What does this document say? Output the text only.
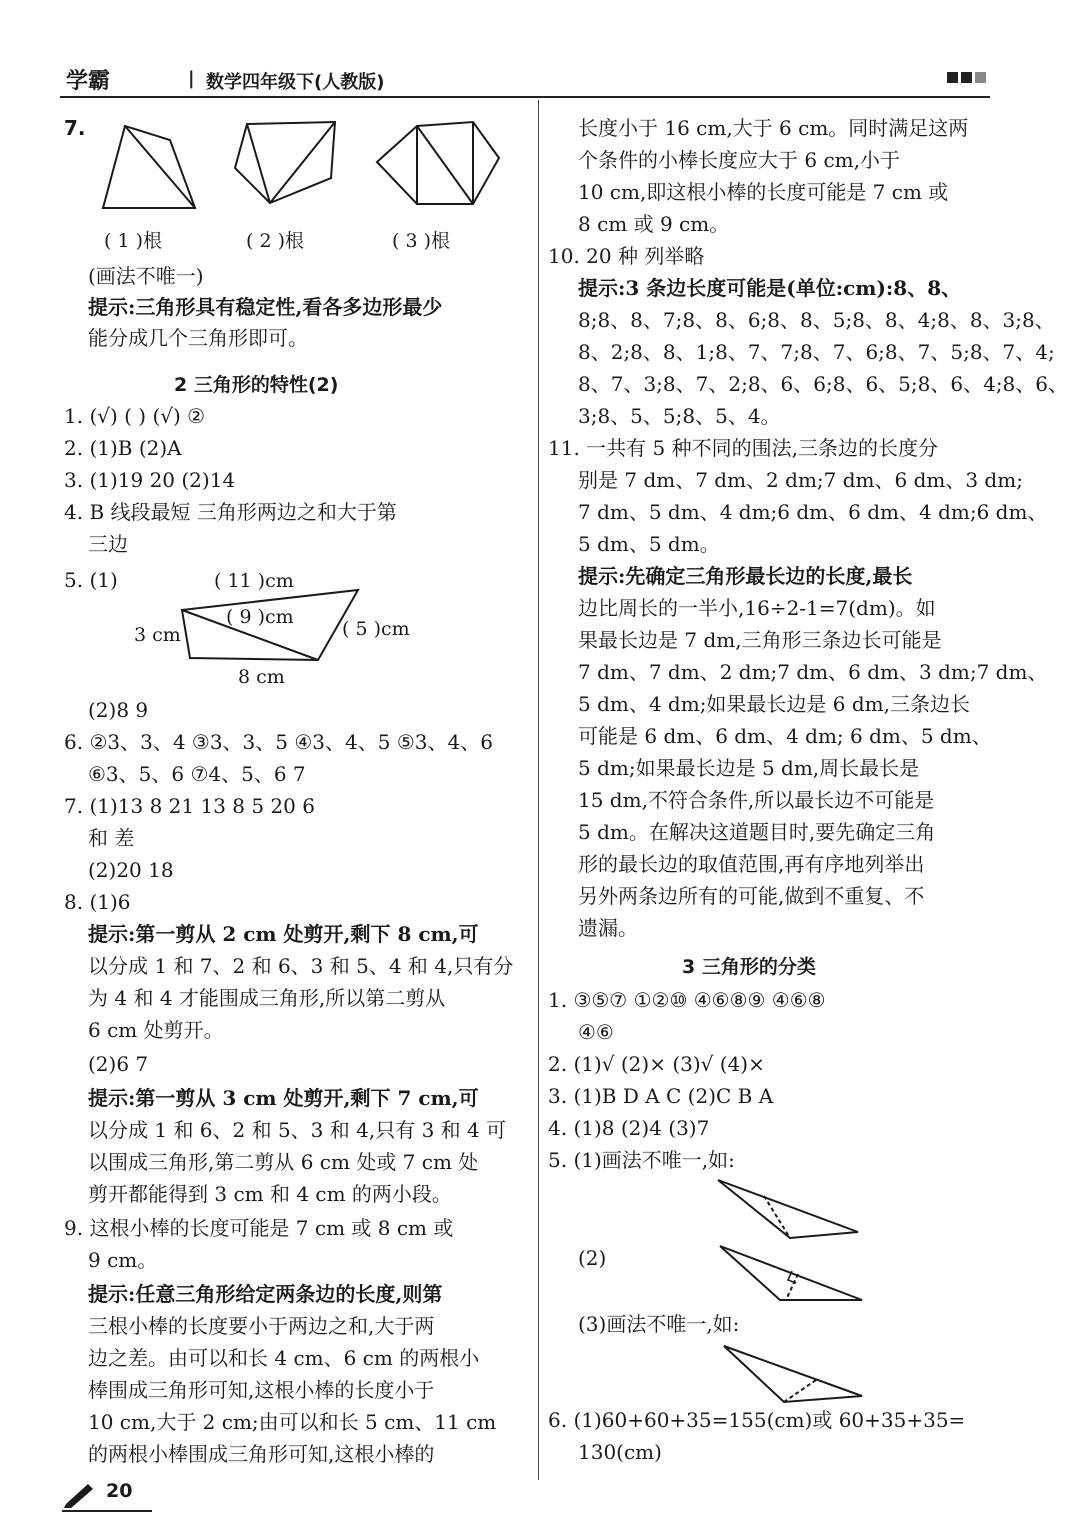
学霸	| 数学四年级下(人教版)
7.
( 1 )根	( 2 )根	( 3 )根
(画法不唯一)
提示:三角形具有稳定性,看各多边形最少
能分成几个三角形即可。
2 三角形的特性(2)
1. (√) ( ) (√) ②
2. (1)B (2)A
3. (1)19 20 (2)14
4. B 线段最短 三角形两边之和大于第
三边
5. (1)	( 11 )cm
( 9 )cm
( 5 )cm
3 cm
8 cm
(2)8 9
6. ②3、3、4 ③3、3、5 ④3、4、5 ⑤3、4、6
⑥3、5、6 ⑦4、5、6 7
7. (1)13 8 21 13 8 5 20 6
和 差
(2)20 18
8. (1)6
提示:第一剪从 2 cm 处剪开,剩下 8 cm,可
以分成 1 和 7、2 和 6、3 和 5、4 和 4,只有分
为 4 和 4 才能围成三角形,所以第二剪从
6 cm 处剪开。
(2)6 7
提示:第一剪从 3 cm 处剪开,剩下 7 cm,可
以分成 1 和 6、2 和 5、3 和 4,只有 3 和 4 可
以围成三角形,第二剪从 6 cm 处或 7 cm 处
剪开都能得到 3 cm 和 4 cm 的两小段。
9. 这根小棒的长度可能是 7 cm 或 8 cm 或
9 cm。
提示:任意三角形给定两条边的长度,则第
三根小棒的长度要小于两边之和,大于两
边之差。由可以和长 4 cm、6 cm 的两根小
棒围成三角形可知,这根小棒的长度小于
10 cm,大于 2 cm;由可以和长 5 cm、11 cm
的两根小棒围成三角形可知,这根小棒的
长度小于 16 cm,大于 6 cm。同时满足这两
个条件的小棒长度应大于 6 cm,小于
10 cm,即这根小棒的长度可能是 7 cm 或
8 cm 或 9 cm。
10. 20 种 列举略
提示:3 条边长度可能是(单位:cm):8、8、
8;8、8、7;8、8、6;8、8、5;8、8、4;8、8、3;8、
8、2;8、8、1;8、7、7;8、7、6;8、7、5;8、7、4;
8、7、3;8、7、2;8、6、6;8、6、5;8、6、4;8、6、
3;8、5、5;8、5、4。
11. 一共有 5 种不同的围法,三条边的长度分
别是 7 dm、7 dm、2 dm;7 dm、6 dm、3 dm;
7 dm、5 dm、4 dm;6 dm、6 dm、4 dm;6 dm、
5 dm、5 dm。
提示:先确定三角形最长边的长度,最长
边比周长的一半小,16÷2-1=7(dm)。如
果最长边是 7 dm,三角形三条边长可能是
7 dm、7 dm、2 dm;7 dm、6 dm、3 dm;7 dm、
5 dm、4 dm;如果最长边是 6 dm,三条边长
可能是 6 dm、6 dm、4 dm; 6 dm、5 dm、
5 dm;如果最长边是 5 dm,周长最长是
15 dm,不符合条件,所以最长边不可能是
5 dm。在解决这道题目时,要先确定三角
形的最长边的取值范围,再有序地列举出
另外两条边所有的可能,做到不重复、不
遗漏。
3 三角形的分类
1. ③⑤⑦ ①②⑩ ④⑥⑧⑨ ④⑥⑧
④⑥
2. (1)√ (2)× (3)√ (4)×
3. (1)B D A C (2)C B A
4. (1)8 (2)4 (3)7
5. (1)画法不唯一,如:
(2)
(3)画法不唯一,如:
6. (1)60+60+35=155(cm)或 60+35+35=
130(cm)
20
